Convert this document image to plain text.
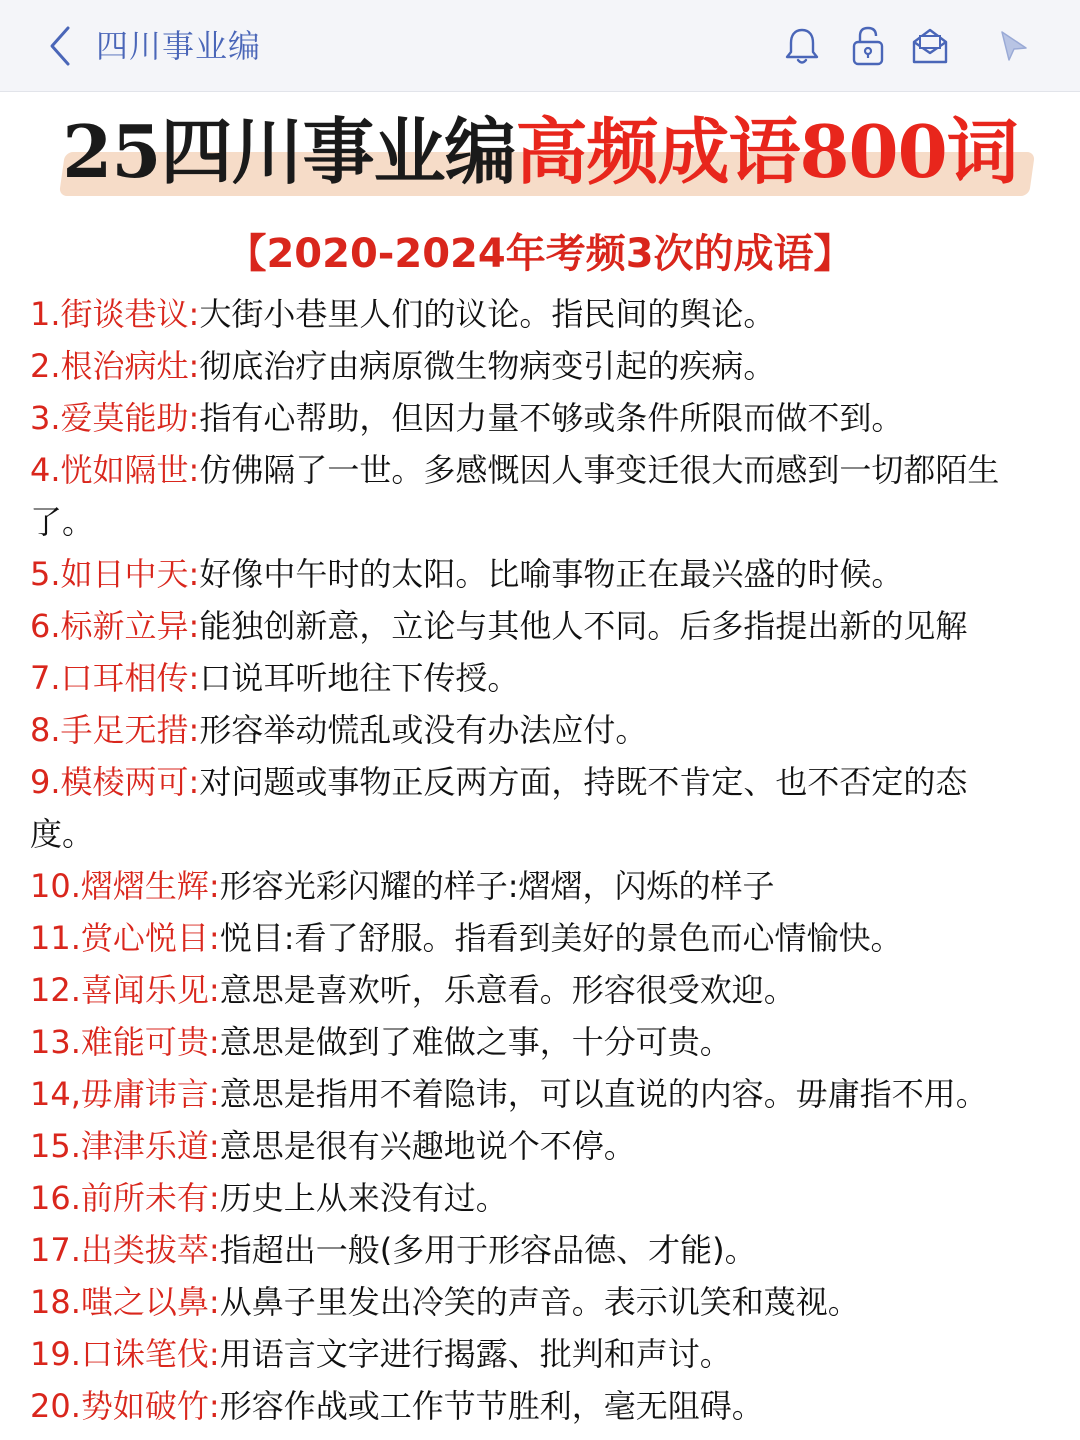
四川事业编
25四川事业编高频成语800词
【2020-2024年考频3次的成语】
1.街谈巷议:大街小巷里人们的议论。指民间的舆论。
2.根治病灶:彻底治疗由病原微生物病变引起的疾病。
3.爱莫能助:指有心帮助，但因力量不够或条件所限而做不到。
4.恍如隔世:仿佛隔了一世。多感慨因人事变迁很大而感到一切都陌生了。
5.如日中天:好像中午时的太阳。比喻事物正在最兴盛的时候。
6.标新立异:能独创新意，立论与其他人不同。后多指提出新的见解
7.口耳相传:口说耳听地往下传授。
8.手足无措:形容举动慌乱或没有办法应付。
9.模棱两可:对问题或事物正反两方面，持既不肯定、也不否定的态度。
10.熠熠生辉:形容光彩闪耀的样子:熠熠，闪烁的样子
11.赏心悦目:悦目:看了舒服。指看到美好的景色而心情愉快。
12.喜闻乐见:意思是喜欢听，乐意看。形容很受欢迎。
13.难能可贵:意思是做到了难做之事，十分可贵。
14,毋庸讳言:意思是指用不着隐讳，可以直说的内容。毋庸指不用。
15.津津乐道:意思是很有兴趣地说个不停。
16.前所未有:历史上从来没有过。
17.出类拔萃:指超出一般(多用于形容品德、才能)。
18.嗤之以鼻:从鼻子里发出冷笑的声音。表示讥笑和蔑视。
19.口诛笔伐:用语言文字进行揭露、批判和声讨。
20.势如破竹:形容作战或工作节节胜利，毫无阻碍。
